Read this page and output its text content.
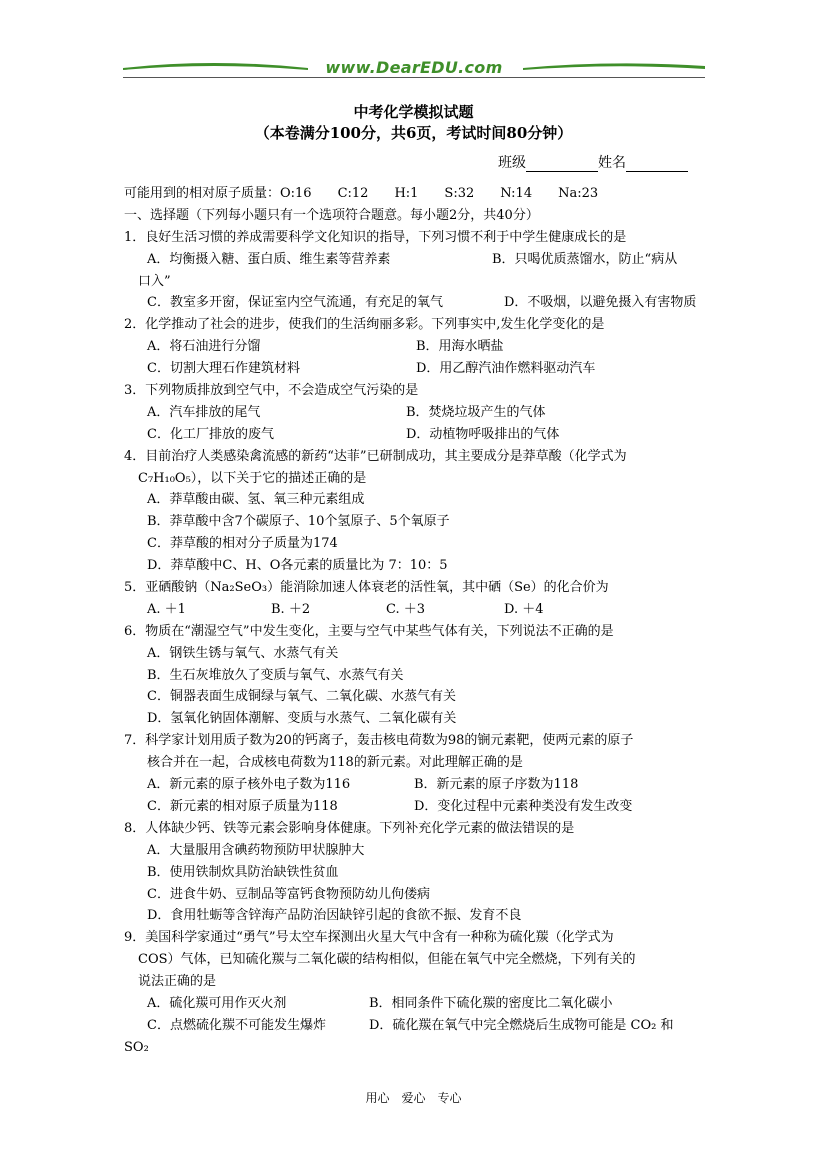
www.DearEDU.com
中考化学模拟试题
（本卷满分100分，共6页，考试时间80分钟）
班级	姓名
可能用到的相对原子质量：O:16　　C:12　　H:1　　S:32　　N:14　　Na:23
一、选择题（下列每小题只有一个选项符合题意。每小题2分，共40分）
1．良好生活习惯的养成需要科学文化知识的指导，下列习惯不利于中学生健康成长的是
A．均衡摄入糖、蛋白质、维生素等营养素	B．只喝优质蒸馏水，防止“病从
口入”
C．教室多开窗，保证室内空气流通，有充足的氧气	D．不吸烟，以避免摄入有害物质
2．化学推动了社会的进步，使我们的生活绚丽多彩。下列事实中,发生化学变化的是
A．将石油进行分馏	B．用海水晒盐
C．切割大理石作建筑材料	D．用乙醇汽油作燃料驱动汽车
3．下列物质排放到空气中，不会造成空气污染的是
A．汽车排放的尾气	B．焚烧垃圾产生的气体
C．化工厂排放的废气	D．动植物呼吸排出的气体
4．目前治疗人类感染禽流感的新药“达菲”已研制成功，其主要成分是莽草酸（化学式为
C₇H₁₀O₅），以下关于它的描述正确的是
A．莽草酸由碳、氢、氧三种元素组成
B．莽草酸中含7个碳原子、10个氢原子、5个氧原子
C．莽草酸的相对分子质量为174
D．莽草酸中C、H、O各元素的质量比为 7：10：5
5．亚硒酸钠（Na₂SeO₃）能消除加速人体衰老的活性氧，其中硒（Se）的化合价为
A. ＋1	B. ＋2	C. ＋3	D. ＋4
6．物质在“潮湿空气”中发生变化，主要与空气中某些气体有关，下列说法不正确的是
A．钢铁生锈与氧气、水蒸气有关
B．生石灰堆放久了变质与氧气、水蒸气有关
C．铜器表面生成铜绿与氧气、二氧化碳、水蒸气有关
D．氢氧化钠固体潮解、变质与水蒸气、二氧化碳有关
7．科学家计划用质子数为20的钙离子，轰击核电荷数为98的锎元素靶，使两元素的原子
核合并在一起，合成核电荷数为118的新元素。对此理解正确的是
A．新元素的原子核外电子数为116	B．新元素的原子序数为118
C．新元素的相对原子质量为118	D．变化过程中元素种类没有发生改变
8．人体缺少钙、铁等元素会影响身体健康。下列补充化学元素的做法错误的是
A．大量服用含碘药物预防甲状腺肿大
B．使用铁制炊具防治缺铁性贫血
C．进食牛奶、豆制品等富钙食物预防幼儿佝偻病
D．食用牡蛎等含锌海产品防治因缺锌引起的食欲不振、发育不良
9．美国科学家通过“勇气”号太空车探测出火星大气中含有一种称为硫化羰（化学式为
COS）气体，已知硫化羰与二氧化碳的结构相似，但能在氧气中完全燃烧，下列有关的
说法正确的是
A．硫化羰可用作灭火剂	B．相同条件下硫化羰的密度比二氧化碳小
C．点燃硫化羰不可能发生爆炸	D．硫化羰在氧气中完全燃烧后生成物可能是 CO₂ 和
SO₂
用心　爱心　专心
